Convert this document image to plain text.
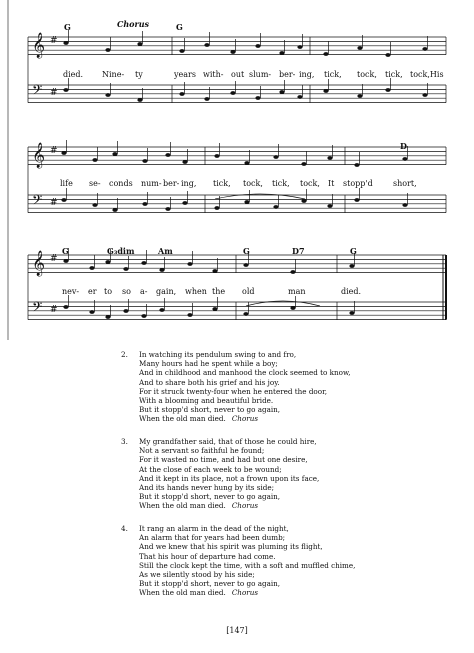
𝄞
𝄢
#
#
𝄞
𝄢
#
#
𝄞
𝄢
#
#
Chorus
G	G
died. Nine- ty	years with- out slum- ber- ing, tick, tock, tick, tock,His
D
life se- conds num- ber- ing, tick, tock, tick, tock, It stopp'd	short,
G	G₃dim	Am	G	D7	G
nev- er to so a- gain, when the old	man	died.
2. In watching its pendulum swing to and fro,
Many hours had he spent while a boy;
And in childhood and manhood the clock seemed to know,
And to share both his grief and his joy.
For it struck twenty-four when he entered the door,
With a blooming and beautiful bride.
But it stopp'd short, never to go again,
When the old man died. Chorus
3. My grandfather said, that of those he could hire,
Not a servant so faithful he found;
For it wasted no time, and had but one desire,
At the close of each week to be wound;
And it kept in its place, not a frown upon its face,
And its hands never hung by its side;
But it stopp'd short, never to go again,
When the old man died. Chorus
4. It rang an alarm in the dead of the night,
An alarm that for years had been dumb;
And we knew that his spirit was pluming its flight,
That his hour of departure had come.
Still the clock kept the time, with a soft and muffled chime,
As we silently stood by his side;
But it stopp'd short, never to go again,
When the old man died. Chorus
[147]
